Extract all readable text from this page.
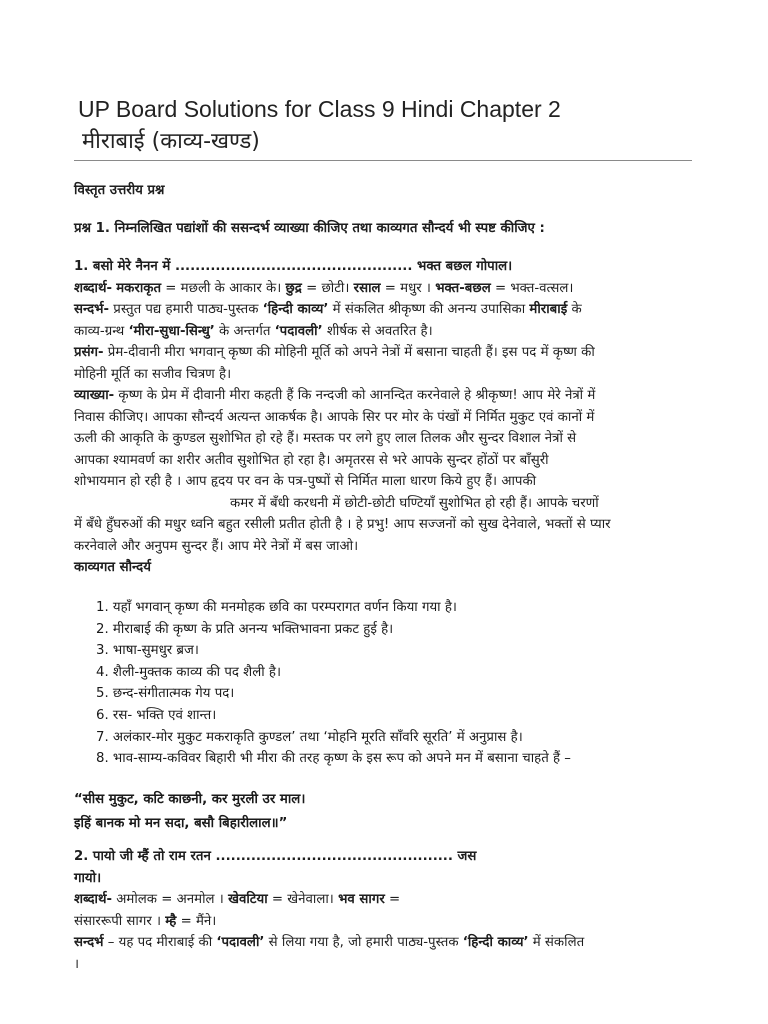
UP Board Solutions for Class 9 Hindi Chapter 2
मीराबाई (काव्य-खण्ड)
विस्तृत उत्तरीय प्रश्न
प्रश्न 1. निम्नलिखित पद्यांशों की ससन्दर्भ व्याख्या कीजिए तथा काव्यगत सौन्दर्य भी स्पष्ट कीजिए :
1. बसो मेरे नैनन में ............................................... भक्त बछल गोपाल।
शब्दार्थ- मकराकृत = मछली के आकार के। छुद्र = छोटी। रसाल = मधुर । भक्त-बछल = भक्त-वत्सल।
सन्दर्भ- प्रस्तुत पद्य हमारी पाठ्य-पुस्तक ‘हिन्दी काव्य’ में संकलित श्रीकृष्ण की अनन्य उपासिका मीराबाई के
काव्य-ग्रन्थ ‘मीरा-सुधा-सिन्धु’ के अन्तर्गत ‘पदावली’ शीर्षक से अवतरित है।
प्रसंग- प्रेम-दीवानी मीरा भगवान् कृष्ण की मोहिनी मूर्ति को अपने नेत्रों में बसाना चाहती हैं। इस पद में कृष्ण की
मोहिनी मूर्ति का सजीव चित्रण है।
व्याख्या- कृष्ण के प्रेम में दीवानी मीरा कहती हैं कि नन्दजी को आनन्दित करनेवाले हे श्रीकृष्ण! आप मेरे नेत्रों में
निवास कीजिए। आपका सौन्दर्य अत्यन्त आकर्षक है। आपके सिर पर मोर के पंखों में निर्मित मुकुट एवं कानों में
ऊली की आकृति के कुण्डल सुशोभित हो रहे हैं। मस्तक पर लगे हुए लाल तिलक और सुन्दर विशाल नेत्रों से
आपका श्यामवर्ण का शरीर अतीव सुशोभित हो रहा है। अमृतरस से भरे आपके सुन्दर होंठों पर बाँसुरी
शोभायमान हो रही है । आप हृदय पर वन के पत्र-पुष्पों से निर्मित माला धारण किये हुए हैं। आपकी
कमर में बँधी करधनी में छोटी-छोटी घण्टियाँ सुशोभित हो रही हैं। आपके चरणों
में बँधे हुँघरुओं की मधुर ध्वनि बहुत रसीली प्रतीत होती है । हे प्रभु! आप सज्जनों को सुख देनेवाले, भक्तों से प्यार
करनेवाले और अनुपम सुन्दर हैं। आप मेरे नेत्रों में बस जाओ।
काव्यगत सौन्दर्य
1. यहाँ भगवान् कृष्ण की मनमोहक छवि का परम्परागत वर्णन किया गया है।
2. मीराबाई की कृष्ण के प्रति अनन्य भक्तिभावना प्रकट हुई है।
3. भाषा-सुमधुर ब्रज।
4. शैली-मुक्तक काव्य की पद शैली है।
5. छन्द-संगीतात्मक गेय पद।
6. रस- भक्ति एवं शान्त।
7. अलंकार-मोर मुकुट मकराकृति कुण्डल’ तथा ‘मोहनि मूरति साँवरि सूरति’ में अनुप्रास है।
8. भाव-साम्य-कविवर बिहारी भी मीरा की तरह कृष्ण के इस रूप को अपने मन में बसाना चाहते हैं –
“सीस मुकुट, कटि काछनी, कर मुरली उर माल।
इहिं बानक मो मन सदा, बसौ बिहारीलाल॥”
2. पायो जी म्हैं तो राम रतन ............................................... जस
गायो।
शब्दार्थ- अमोलक = अनमोल । खेवटिया = खेनेवाला। भव सागर =
संसाररूपी सागर । म्है = मैंने।
सन्दर्भ – यह पद मीराबाई की ‘पदावली’ से लिया गया है, जो हमारी पाठ्य-पुस्तक ‘हिन्दी काव्य’ में संकलित
।
